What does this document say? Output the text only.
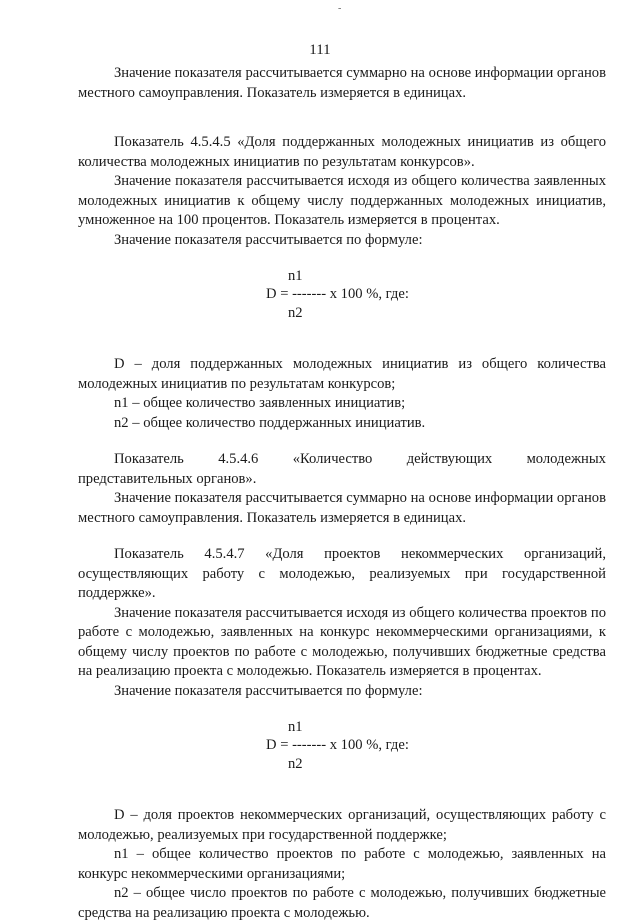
-
111

Значение показателя рассчитывается суммарно на основе информации органов местного самоуправления. Показатель измеряется в единицах.

Показатель 4.5.4.5 «Доля поддержанных молодежных инициатив из общего количества молодежных инициатив по результатам конкурсов».

Значение показателя рассчитывается исходя из общего количества заявленных молодежных инициатив к общему числу поддержанных молодежных инициатив, умноженное на 100 процентов. Показатель измеряется в процентах.

Значение показателя рассчитывается по формуле:

n1
D = ------- x 100 %, где:
n2

D – доля поддержанных молодежных инициатив из общего количества молодежных инициатив по результатам конкурсов;

n1 – общее количество заявленных инициатив;

n2 – общее количество поддержанных инициатив.

Показатель 4.5.4.6 «Количество действующих молодежных

представительных органов».

Значение показателя рассчитывается суммарно на основе информации органов местного самоуправления. Показатель измеряется в единицах.

Показатель 4.5.4.7 «Доля проектов некоммерческих организаций, осуществляющих работу с молодежью, реализуемых при государственной поддержке».

Значение показателя рассчитывается исходя из общего количества проектов по работе с молодежью, заявленных на конкурс некоммерческими организациями, к общему числу проектов по работе с молодежью, получивших бюджетные средства на реализацию проекта с молодежью. Показатель измеряется в процентах.

Значение показателя рассчитывается по формуле:

n1
D = ------- x 100 %, где:
n2

D – доля проектов некоммерческих организаций, осуществляющих работу с молодежью, реализуемых при государственной поддержке;

n1 – общее количество проектов по работе с молодежью, заявленных на конкурс некоммерческими организациями;

n2 – общее число проектов по работе с молодежью, получивших бюджетные средства на реализацию проекта с молодежью.
